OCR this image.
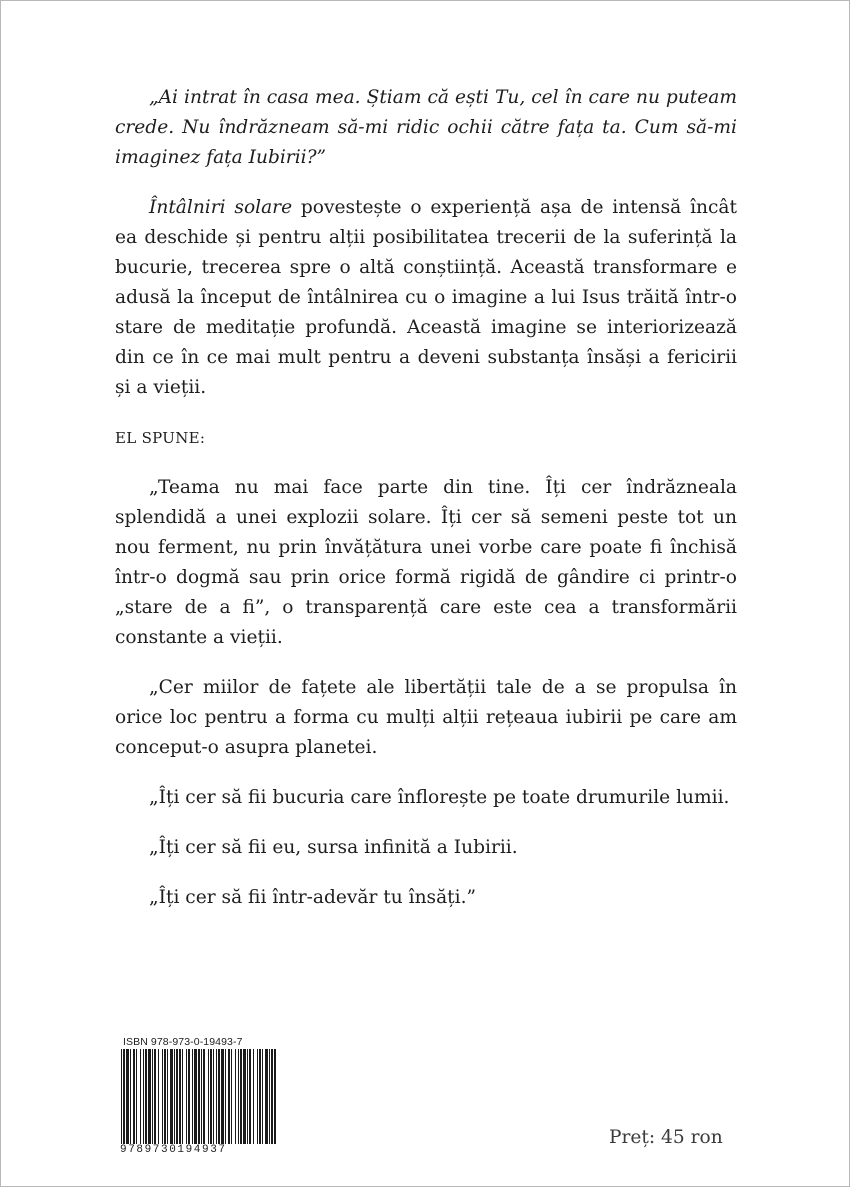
„Ai intrat în casa mea. Știam că ești Tu, cel în care nu puteam crede. Nu îndrăzneam să-mi ridic ochii către fața ta. Cum să-mi imaginez fața Iubirii?”

Întâlniri solare povestește o experiență așa de intensă încât ea deschide și pentru alții posibilitatea trecerii de la suferință la bucurie, trecerea spre o altă conștiință. Această transformare e adusă la început de întâlnirea cu o imagine a lui Isus trăită într-o stare de meditație profundă. Această imagine se interiorizează din ce în ce mai mult pentru a deveni substanța însăși a fericirii și a vieții.

EL SPUNE:

„Teama nu mai face parte din tine. Îți cer îndrăzneala splendidă a unei explozii solare. Îți cer să semeni peste tot un nou ferment, nu prin învățătura unei vorbe care poate fi închisă într-o dogmă sau prin orice formă rigidă de gândire ci printr-o „stare de a fi”, o transparență care este cea a transformării constante a vieții.

„Cer miilor de fațete ale libertății tale de a se propulsa în orice loc pentru a forma cu mulți alții rețeaua iubirii pe care am conceput-o asupra planetei.

„Îți cer să fii bucuria care înflorește pe toate drumurile lumii.

„Îți cer să fii eu, sursa infinită a Iubirii.

„Îți cer să fii într-adevăr tu însăți.”

ISBN 978-973-0-19493-7
9789730194937
Preț: 45 ron
